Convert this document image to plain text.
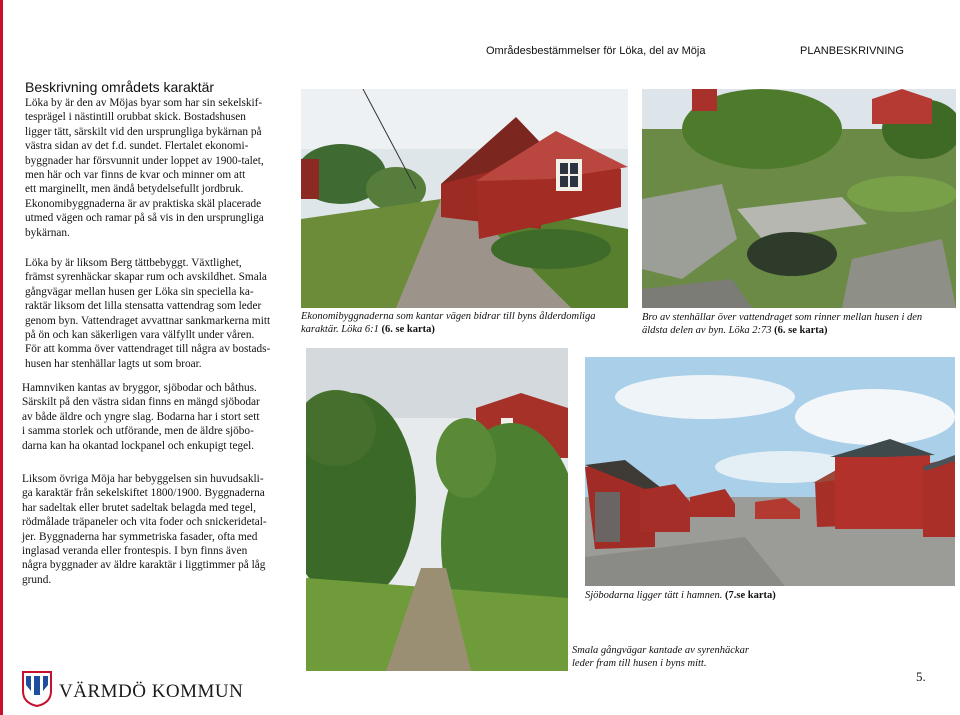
Områdesbestämmelser för Löka, del av Möja	PLANBESKRIVNING
Beskrivning områdets karaktär

Löka by är den av Möjas byar som har sin sekelskif-
tesprägel i nästintill orubbat skick. Bostadshusen
ligger tätt, särskilt vid den ursprungliga bykärnan på
västra sidan av det f.d. sundet. Flertalet ekonomi-
byggnader har försvunnit under loppet av 1900-talet,
men här och var finns de kvar och minner om att
ett marginellt, men ändå betydelsefullt jordbruk.
Ekonomibyggnaderna är av praktiska skäl placerade
utmed vägen och ramar på så vis in den ursprungliga
bykärnan.

Löka by är liksom Berg tättbebyggt. Växtlighet,
främst syrenhäckar skapar rum och avskildhet. Smala
gångvägar mellan husen ger Löka sin speciella ka-
raktär liksom det lilla stensatta vattendrag som leder
genom byn. Vattendraget avvattnar sankmarkerna mitt
på ön och kan säkerligen vara välfyllt under våren.
För att komma över vattendraget till några av bostads-
husen har stenhällar lagts ut som broar.

Hamnviken kantas av bryggor, sjöbodar och båthus.
Särskilt på den västra sidan finns en mängd sjöbodar
av både äldre och yngre slag. Bodarna har i stort sett
i samma storlek och utförande, men de äldre sjöbo-
darna kan ha okantad lockpanel och enkupigt tegel.

Liksom övriga Möja har bebyggelsen sin huvudsakli-
ga karaktär från sekelskiftet 1800/1900. Byggnaderna
har sadeltak eller brutet sadeltak belagda med tegel,
rödmålade träpaneler och vita foder och snickeridetal-
jer. Byggnaderna har symmetriska fasader, ofta med
inglasad veranda eller frontespis. I byn finns även
några byggnader av äldre karaktär i liggtimmer på låg
grund.

Ekonomibyggnaderna som kantar vägen bidrar till byns ålderdomliga
karaktär. Löka 6:1 (6. se karta)

Bro av stenhällar över vattendraget som rinner mellan husen i den
äldsta delen av byn. Löka 2:73 (6. se karta)

Sjöbodarna ligger tätt i hamnen. (7.se karta)

Smala gångvägar kantade av syrenhäckar
leder fram till husen i byns mitt.

VÄRMDÖ KOMMUN
5.
